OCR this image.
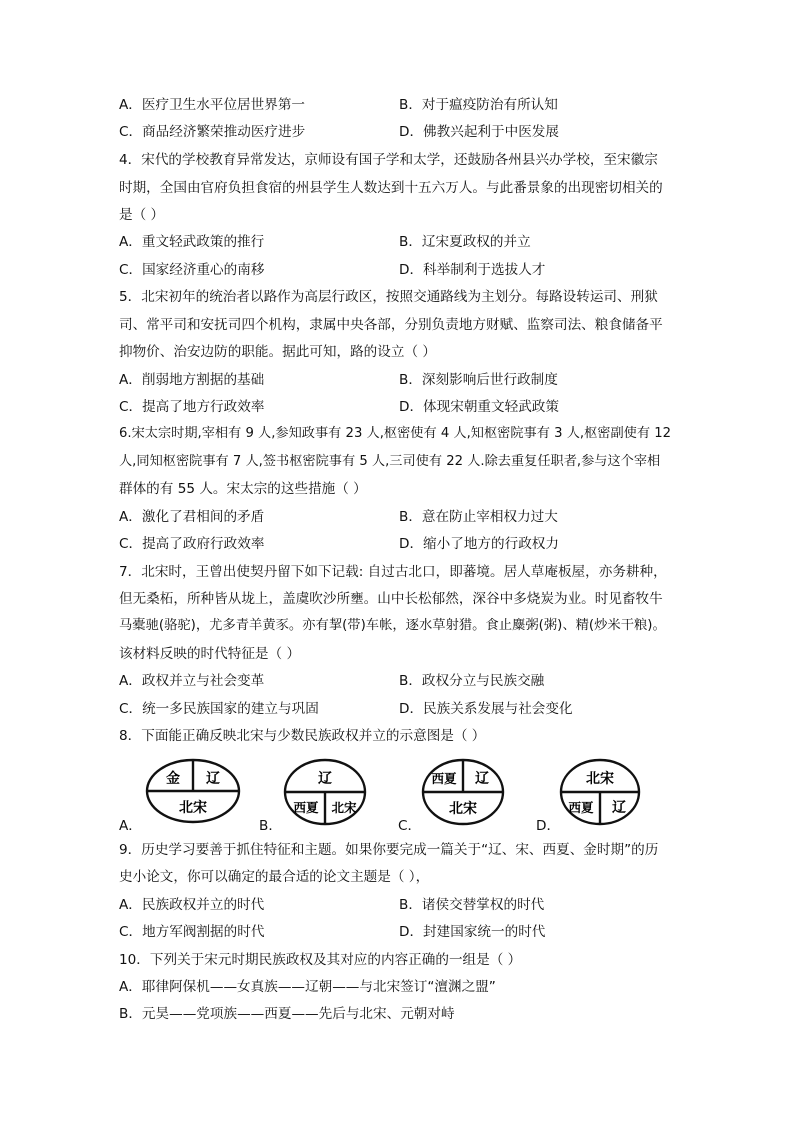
A．医疗卫生水平位居世界第一	B．对于瘟疫防治有所认知
C．商品经济繁荣推动医疗进步	D．佛教兴起利于中医发展
4．宋代的学校教育异常发达，京师设有国子学和太学，还鼓励各州县兴办学校，至宋徽宗
时期，全国由官府负担食宿的州县学生人数达到十五六万人。与此番景象的出现密切相关的
是（ ）
A．重文轻武政策的推行	B．辽宋夏政权的并立
C．国家经济重心的南移	D．科举制利于选拔人才
5．北宋初年的统治者以路作为高层行政区，按照交通路线为主划分。每路设转运司、刑狱
司、常平司和安抚司四个机构，隶属中央各部，分别负责地方财赋、监察司法、粮食储备平
抑物价、治安边防的职能。据此可知，路的设立（ ）
A．削弱地方割据的基础	B．深刻影响后世行政制度
C．提高了地方行政效率	D．体现宋朝重文轻武政策
6.宋太宗时期,宰相有 9 人,参知政事有 23 人,枢密使有 4 人,知枢密院事有 3 人,枢密副使有 12
人,同知枢密院事有 7 人,签书枢密院事有 5 人,三司使有 22 人.除去重复任职者,参与这个宰相
群体的有 55 人。宋太宗的这些措施（ ）
A．激化了君相间的矛盾	B．意在防止宰相权力过大
C．提高了政府行政效率	D．缩小了地方的行政权力
7．北宋时，王曾出使契丹留下如下记载: 自过古北口，即蕃境。居人草庵板屋，亦务耕种，
但无桑柘，所种皆从垅上，盖虞吹沙所壅。山中长松郁然，深谷中多烧炭为业。时见畜牧牛
马橐驰(骆驼)，尤多青羊黄豕。亦有挈(带)车帐，逐水草射猎。食止麋粥(粥)、精(炒米干粮)。
该材料反映的时代特征是（ ）
A．政权并立与社会变革	B．政权分立与民族交融
C．统一多民族国家的建立与巩固	D．民族关系发展与社会变化
8．下面能正确反映北宋与少数民族政权并立的示意图是（ ）
A．
金 辽
北宋
B．
辽
西夏 北宋
C．
西夏 辽
北宋
D．
北宋
西夏 辽
9．历史学习要善于抓住特征和主题。如果你要完成一篇关于“辽、宋、西夏、金时期”的历
史小论文，你可以确定的最合适的论文主题是（ ），
A．民族政权并立的时代	B．诸侯交替掌权的时代
C．地方军阀割据的时代	D．封建国家统一的时代
10．下列关于宋元时期民族政权及其对应的内容正确的一组是（ ）
A．耶律阿保机——女真族——辽朝——与北宋签订“澶渊之盟”
B．元昊——党项族——西夏——先后与北宋、元朝对峙
